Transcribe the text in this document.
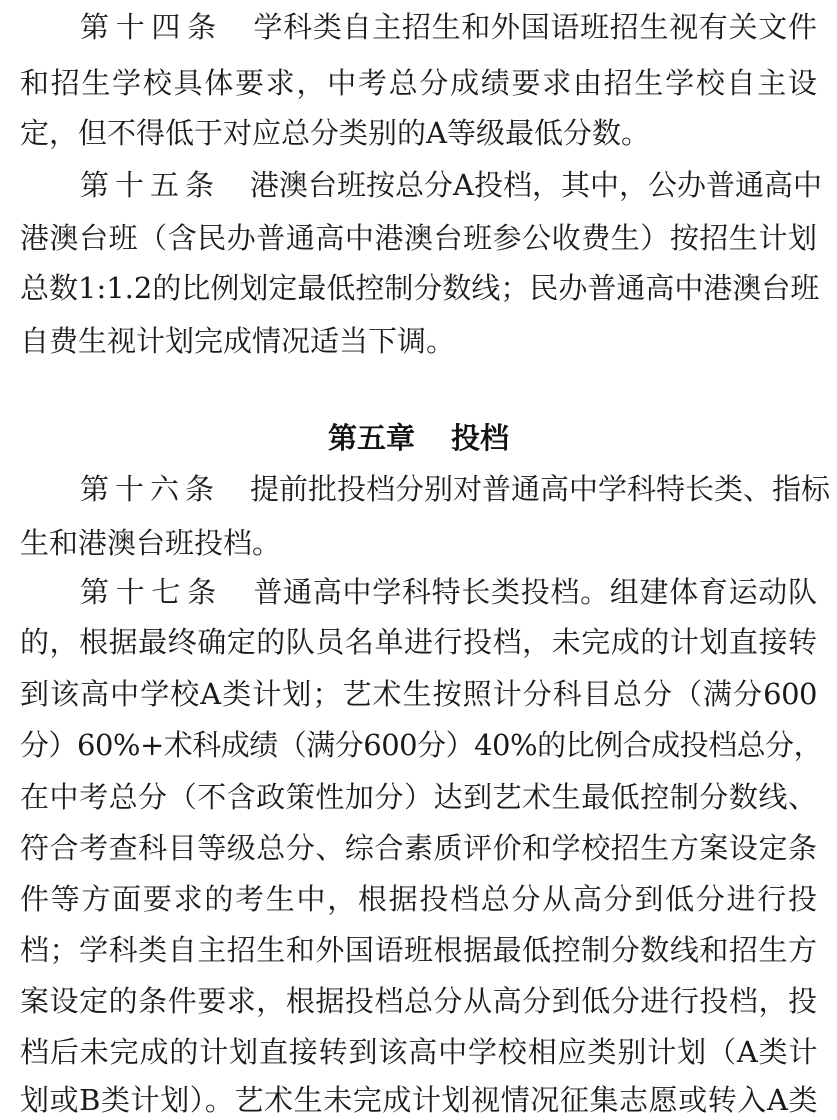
第十四条 学科类自主招生和外国语班招生视有关文件
和招生学校具体要求，中考总分成绩要求由招生学校自主设
定，但不得低于对应总分类别的A等级最低分数。
第十五条 港澳台班按总分A投档，其中，公办普通高中
港澳台班（含民办普通高中港澳台班参公收费生）按招生计划
总数1:1.2的比例划定最低控制分数线；民办普通高中港澳台班
自费生视计划完成情况适当下调。
第五章 投档
第十六条 提前批投档分别对普通高中学科特长类、指标
生和港澳台班投档。
第十七条 普通高中学科特长类投档。组建体育运动队
的，根据最终确定的队员名单进行投档，未完成的计划直接转
到该高中学校A类计划；艺术生按照计分科目总分（满分600
分）60%+术科成绩（满分600分）40%的比例合成投档总分，
在中考总分（不含政策性加分）达到艺术生最低控制分数线、
符合考查科目等级总分、综合素质评价和学校招生方案设定条
件等方面要求的考生中，根据投档总分从高分到低分进行投
档；学科类自主招生和外国语班根据最低控制分数线和招生方
案设定的条件要求，根据投档总分从高分到低分进行投档，投
档后未完成的计划直接转到该高中学校相应类别计划（A类计
划或B类计划）。艺术生未完成计划视情况征集志愿或转入A类
